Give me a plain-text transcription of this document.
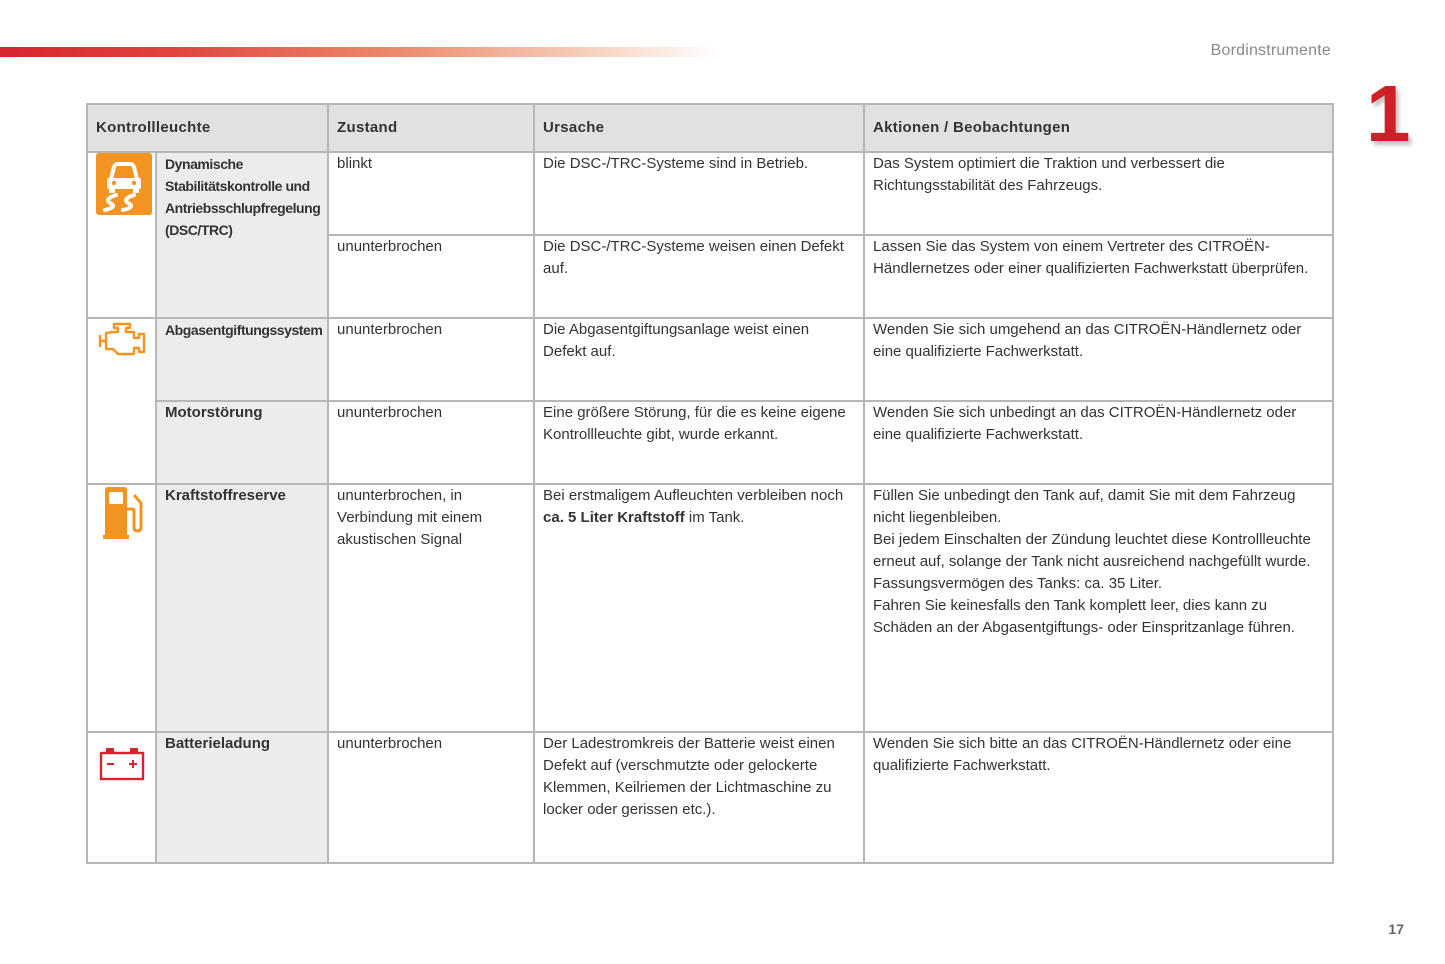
Bordinstrumente
1
Kontrollleuchte		Zustand	Ursache	Aktionen / Beobachtungen
	Dynamische Stabilitätskontrolle und Antriebsschlupfregelung (DSC/TRC)	blinkt	Die DSC-/TRC-Systeme sind in Betrieb.	Das System optimiert die Traktion und verbessert die Richtungsstabilität des Fahrzeugs.
		ununterbrochen	Die DSC-/TRC-Systeme weisen einen Defekt auf.	Lassen Sie das System von einem Vertreter des CITROËN-Händlernetzes oder einer qualifizierten Fachwerkstatt überprüfen.
	Abgasentgiftungssystem	ununterbrochen	Die Abgasentgiftungsanlage weist einen Defekt auf.	Wenden Sie sich umgehend an das CITROËN-Händlernetz oder eine qualifizierte Fachwerkstatt.
	Motorstörung	ununterbrochen	Eine größere Störung, für die es keine eigene Kontrollleuchte gibt, wurde erkannt.	Wenden Sie sich unbedingt an das CITROËN-Händlernetz oder eine qualifizierte Fachwerkstatt.
	Kraftstoffreserve	ununterbrochen, in Verbindung mit einem akustischen Signal	Bei erstmaligem Aufleuchten verbleiben noch ca. 5 Liter Kraftstoff im Tank.	Füllen Sie unbedingt den Tank auf, damit Sie mit dem Fahrzeug nicht liegenbleiben.
Bei jedem Einschalten der Zündung leuchtet diese Kontrollleuchte erneut auf, solange der Tank nicht ausreichend nachgefüllt wurde.
Fassungsvermögen des Tanks: ca. 35 Liter.
Fahren Sie keinesfalls den Tank komplett leer, dies kann zu Schäden an der Abgasentgiftungs- oder Einspritzanlage führen.

	Batterieladung	ununterbrochen	Der Ladestromkreis der Batterie weist einen Defekt auf (verschmutzte oder gelockerte Klemmen, Keilriemen der Lichtmaschine zu locker oder gerissen etc.).	Wenden Sie sich bitte an das CITROËN-Händlernetz oder eine qualifizierte Fachwerkstatt.
17
